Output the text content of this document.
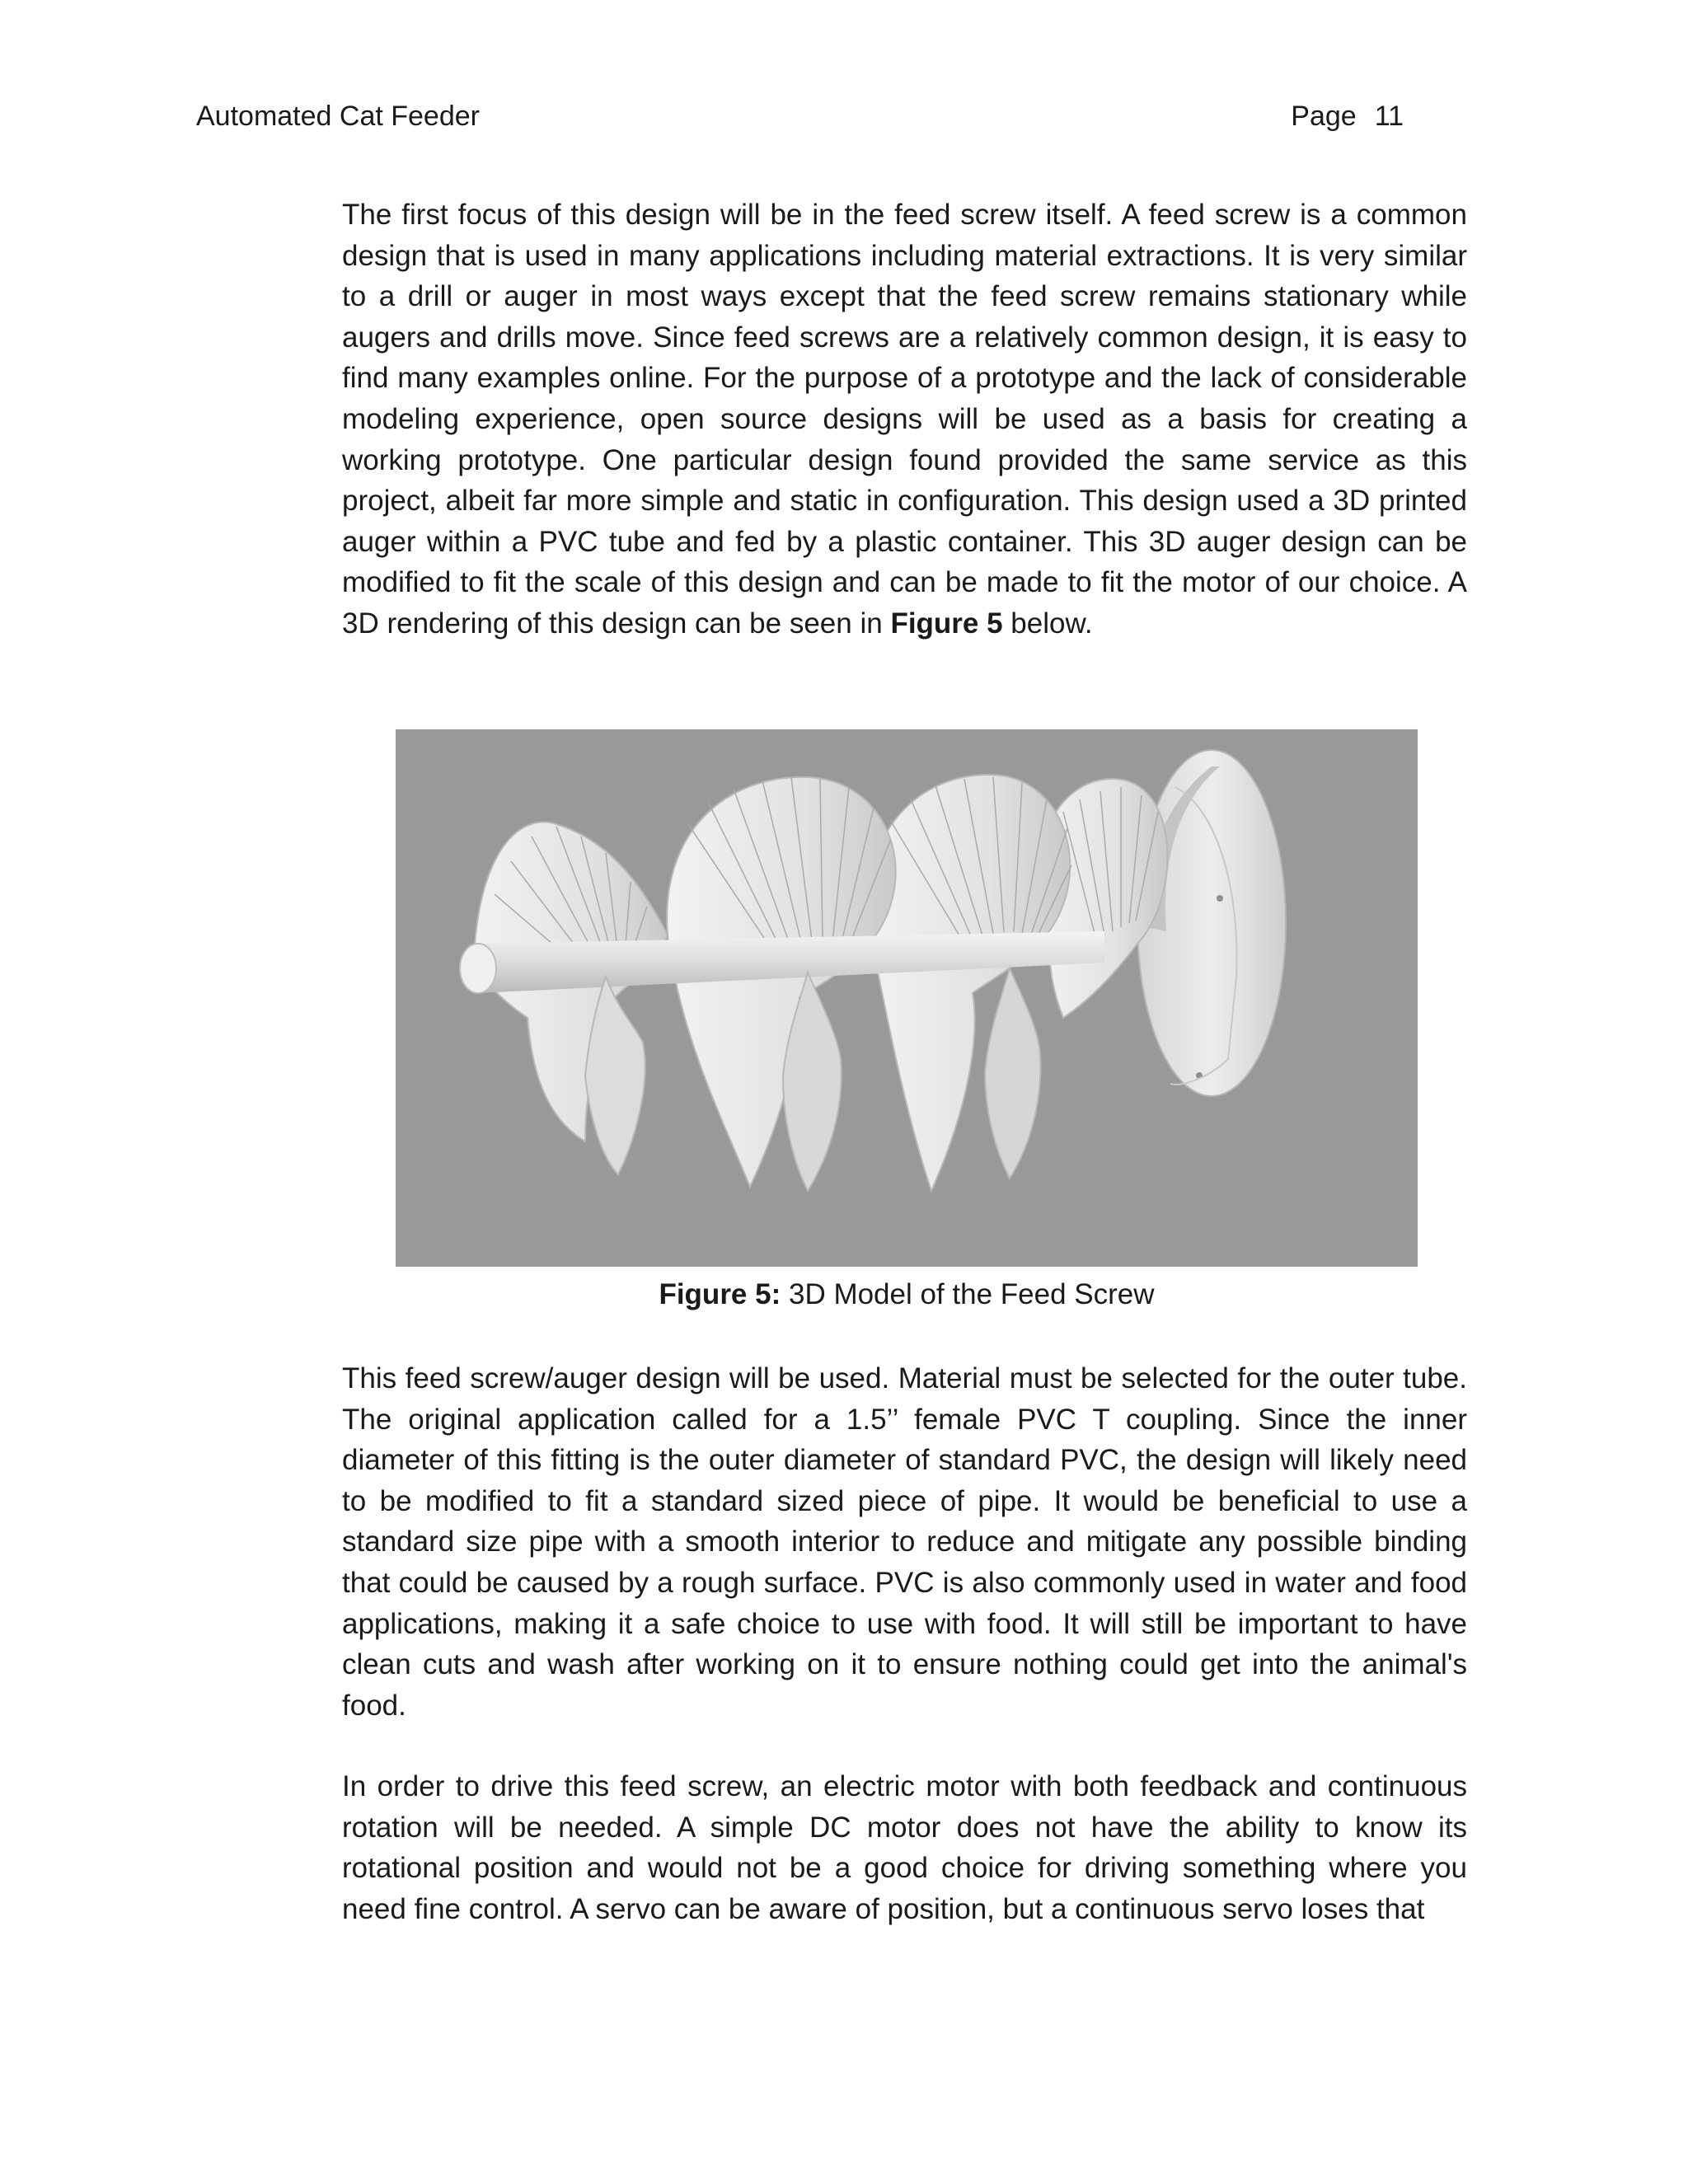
Automated Cat Feeder	Page 11

The first focus of this design will be in the feed screw itself. A feed screw is a common design that is used in many applications including material extractions. It is very similar to a drill or auger in most ways except that the feed screw remains stationary while augers and drills move. Since feed screws are a relatively common design, it is easy to find many examples online. For the purpose of a prototype and the lack of considerable modeling experience, open source designs will be used as a basis for creating a working prototype. One particular design found provided the same service as this project, albeit far more simple and static in configuration. This design used a 3D printed auger within a PVC tube and fed by a plastic container. This 3D auger design can be modified to fit the scale of this design and can be made to fit the motor of our choice. A 3D rendering of this design can be seen in Figure 5 below.

Figure 5: 3D Model of the Feed Screw

This feed screw/auger design will be used. Material must be selected for the outer tube. The original application called for a 1.5’’ female PVC T coupling. Since the inner diameter of this fitting is the outer diameter of standard PVC, the design will likely need to be modified to fit a standard sized piece of pipe. It would be beneficial to use a standard size pipe with a smooth interior to reduce and mitigate any possible binding that could be caused by a rough surface. PVC is also commonly used in water and food applications, making it a safe choice to use with food. It will still be important to have clean cuts and wash after working on it to ensure nothing could get into the animal's food.

In order to drive this feed screw, an electric motor with both feedback and continuous rotation will be needed. A simple DC motor does not have the ability to know its rotational position and would not be a good choice for driving something where you need fine control. A servo can be aware of position, but a continuous servo loses that
